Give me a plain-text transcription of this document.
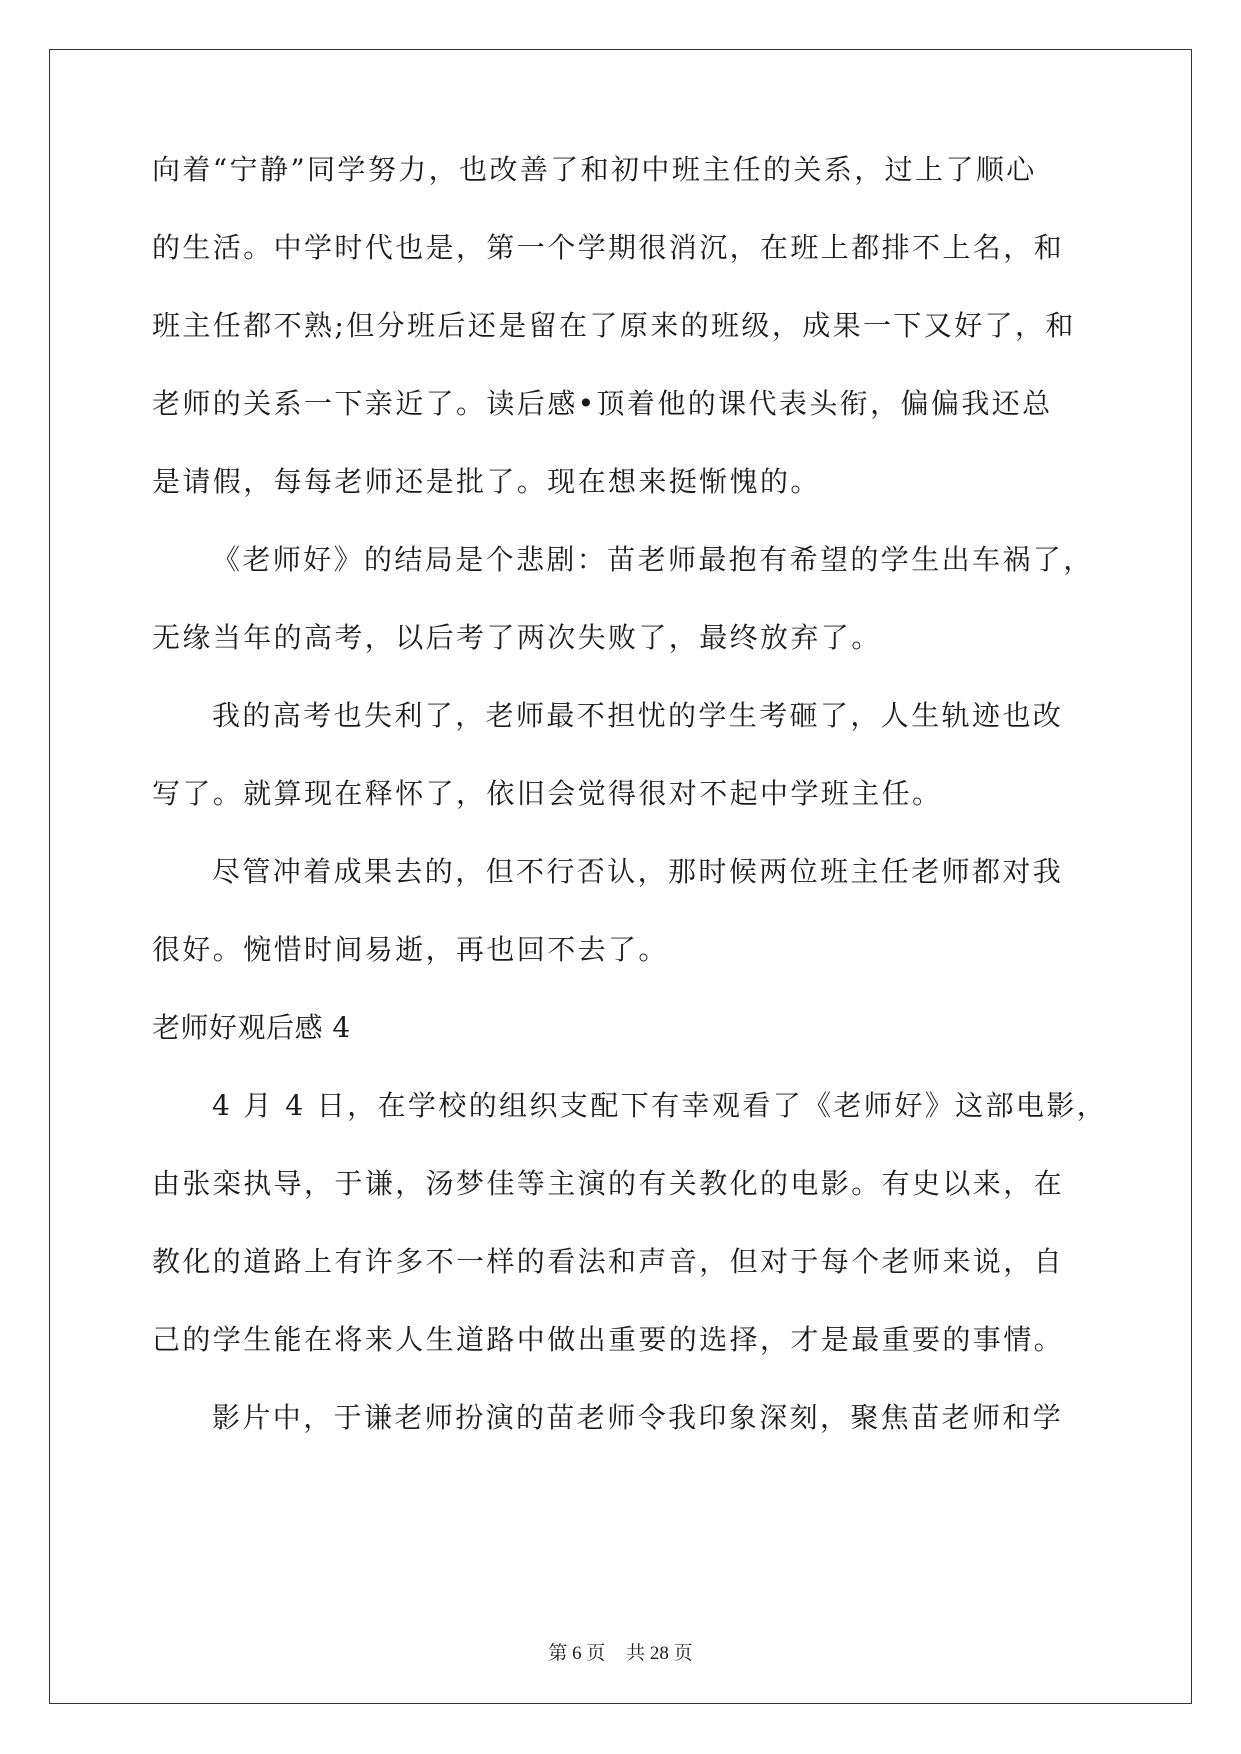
向着“宁静”同学努力，也改善了和初中班主任的关系，过上了顺心

的生活。中学时代也是，第一个学期很消沉，在班上都排不上名，和

班主任都不熟;但分班后还是留在了原来的班级，成果一下又好了，和

老师的关系一下亲近了。读后感•顶着他的课代表头衔，偏偏我还总

是请假，每每老师还是批了。现在想来挺惭愧的。

《老师好》的结局是个悲剧：苗老师最抱有希望的学生出车祸了，

无缘当年的高考，以后考了两次失败了，最终放弃了。

我的高考也失利了，老师最不担忧的学生考砸了，人生轨迹也改

写了。就算现在释怀了，依旧会觉得很对不起中学班主任。

尽管冲着成果去的，但不行否认，那时候两位班主任老师都对我

很好。惋惜时间易逝，再也回不去了。

老师好观后感 4

4 月 4 日，在学校的组织支配下有幸观看了《老师好》这部电影，

由张栾执导，于谦，汤梦佳等主演的有关教化的电影。有史以来，在

教化的道路上有许多不一样的看法和声音，但对于每个老师来说，自

己的学生能在将来人生道路中做出重要的选择，才是最重要的事情。

影片中，于谦老师扮演的苗老师令我印象深刻，聚焦苗老师和学

第 6 页 共 28 页
